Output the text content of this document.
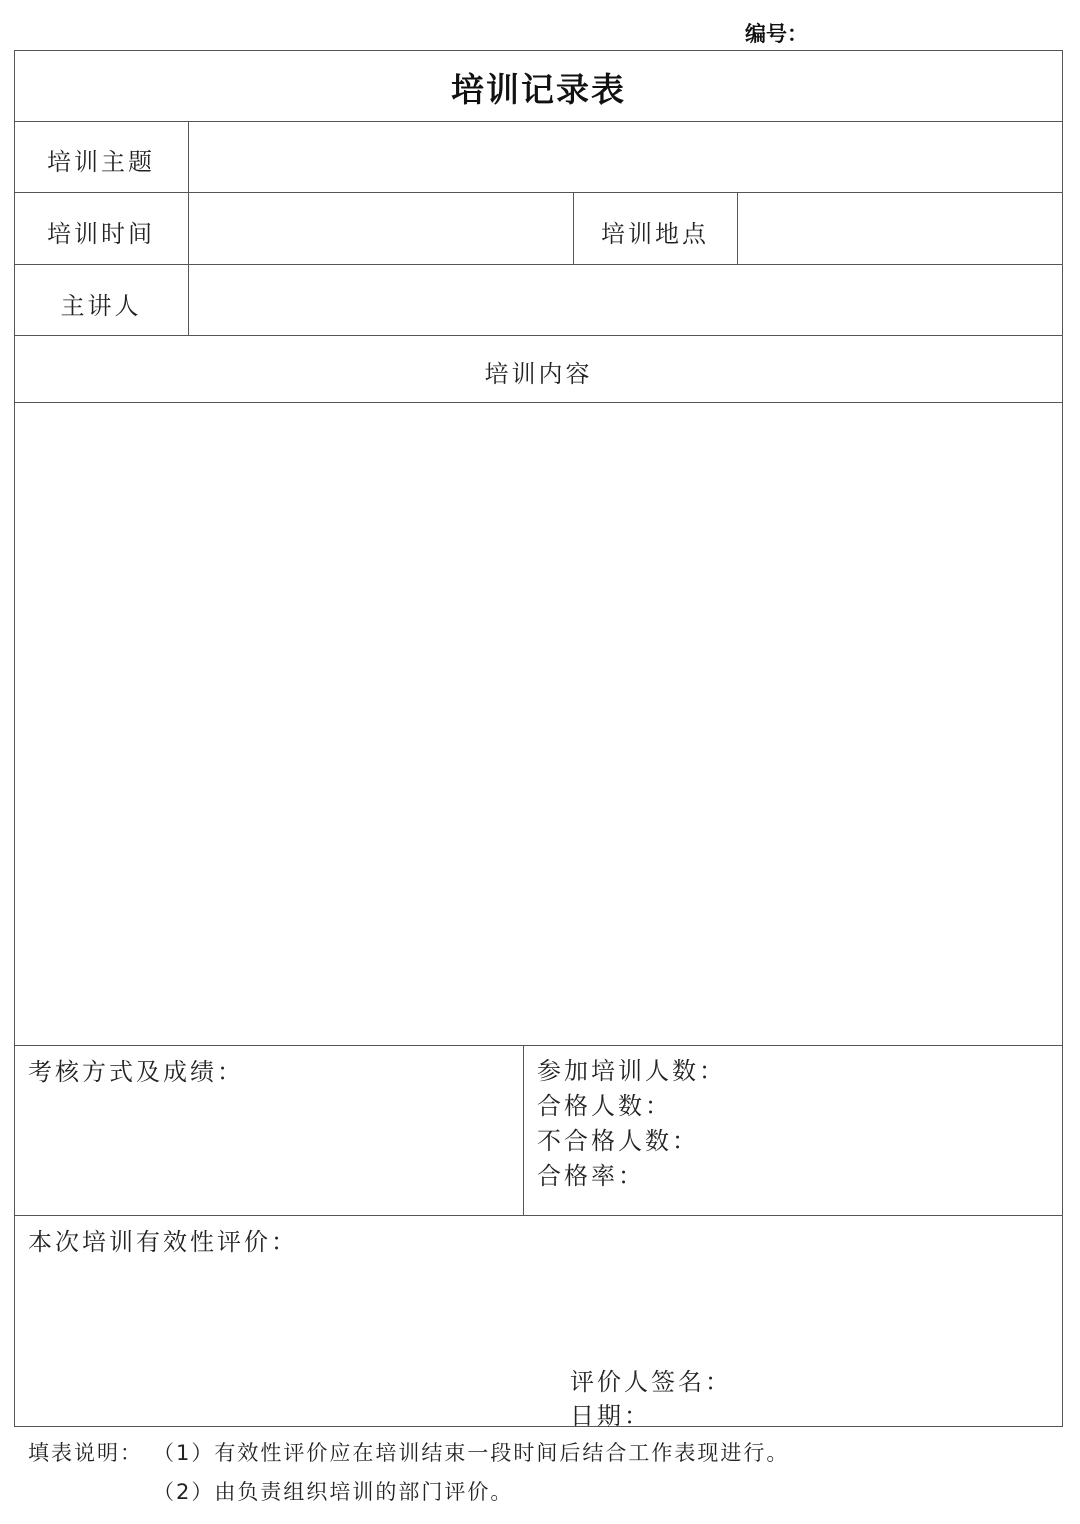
编号：
培训记录表
培训主题
培训时间	培训地点
主讲人
培训内容
考核方式及成绩：	参加培训人数：
合格人数：
不合格人数：
合格率：
本次培训有效性评价：
评价人签名：
日期：
填表说明： （1）有效性评价应在培训结束一段时间后结合工作表现进行。
（2）由负责组织培训的部门评价。
